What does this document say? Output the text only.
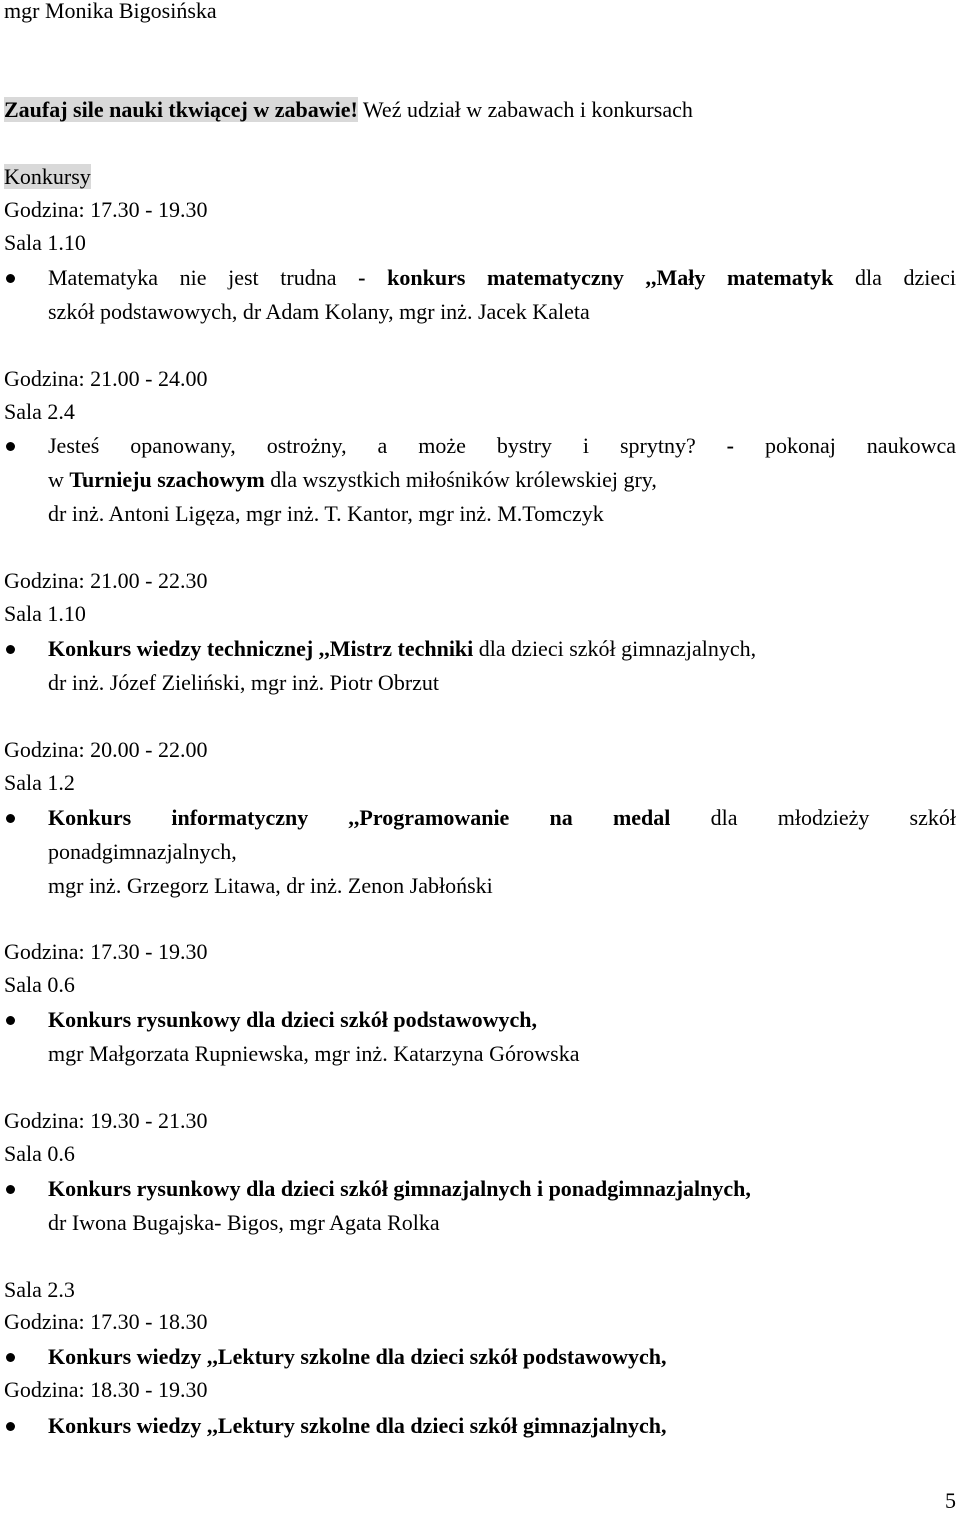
mgr Monika Bigosińska
Zaufaj sile nauki tkwiącej w zabawie! Weź udział w zabawach i konkursach
Konkursy
Godzina: 17.30 - 19.30
Sala 1.10
Matematyka nie jest trudna - konkurs matematyczny ,,Mały matematyk dla dzieci
szkół podstawowych, dr Adam Kolany, mgr inż. Jacek Kaleta
Godzina: 21.00 - 24.00
Sala 2.4
Jesteś opanowany, ostrożny, a może bystry i sprytny? - pokonaj naukowca
w Turnieju szachowym dla wszystkich miłośników królewskiej gry,
dr inż. Antoni Ligęza, mgr inż. T. Kantor, mgr inż. M.Tomczyk
Godzina: 21.00 - 22.30
Sala 1.10
Konkurs wiedzy technicznej ,,Mistrz techniki dla dzieci szkół gimnazjalnych,
dr inż. Józef Zieliński, mgr inż. Piotr Obrzut
Godzina: 20.00 - 22.00
Sala 1.2
Konkurs informatyczny ,,Programowanie na medal dla młodzieży szkół
ponadgimnazjalnych,
mgr inż. Grzegorz Litawa, dr inż. Zenon Jabłoński
Godzina: 17.30 - 19.30
Sala 0.6
Konkurs rysunkowy dla dzieci szkół podstawowych,
mgr Małgorzata Rupniewska, mgr inż. Katarzyna Górowska
Godzina: 19.30 - 21.30
Sala 0.6
Konkurs rysunkowy dla dzieci szkół gimnazjalnych i ponadgimnazjalnych,
dr Iwona Bugajska- Bigos, mgr Agata Rolka
Sala 2.3
Godzina: 17.30 - 18.30
Konkurs wiedzy ,,Lektury szkolne dla dzieci szkół podstawowych,
Godzina: 18.30 - 19.30
Konkurs wiedzy ,,Lektury szkolne dla dzieci szkół gimnazjalnych,
5
